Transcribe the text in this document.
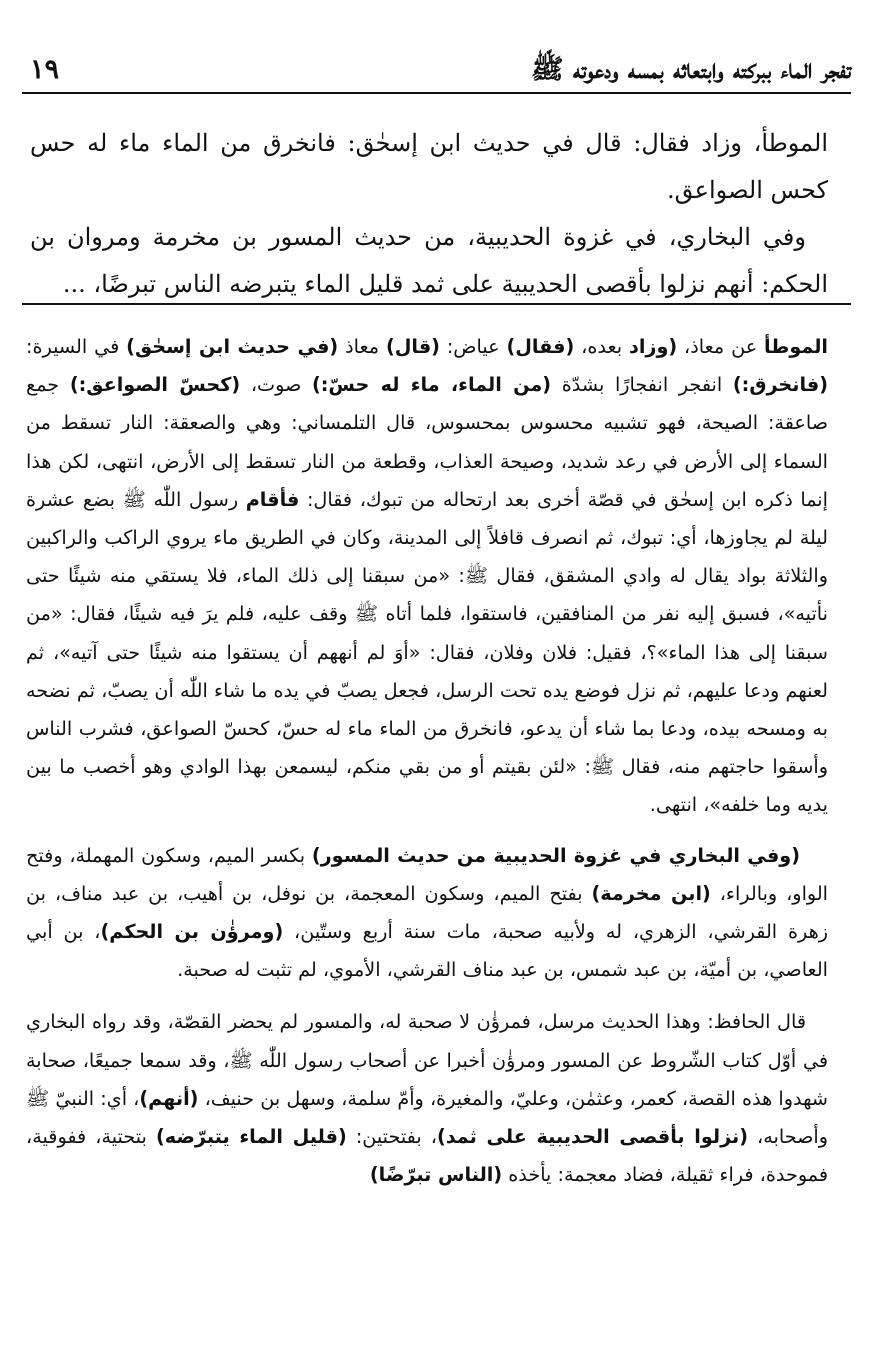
تفجر الماء ببركته وابتعاثه بمسه ودعوته ﷺ
١٩

الموطأ، وزاد فقال: قال في حديث ابن إسحٰق: فانخرق من الماء ماء له حس كحس الصواعق.

وفي البخاري، في غزوة الحديبية، من حديث المسور بن مخرمة ومروان بن الحكم: أنهم نزلوا بأقصى الحديبية على ثمد قليل الماء يتبرضه الناس تبرضًا، ...

الموطأ عن معاذ، (وزاد بعده، (فقال) عياض: (قال) معاذ (في حديث ابن إسحٰق) في السيرة: (فانخرق:) انفجر انفجارًا بشدّة (من الماء، ماء له حسّ:) صوت، (كحسّ الصواعق:) جمع صاعقة: الصيحة، فهو تشبيه محسوس بمحسوس، قال التلمساني: وهي والصعقة: النار تسقط من السماء إلى الأرض في رعد شديد، وصيحة العذاب، وقطعة من النار تسقط إلى الأرض، انتهى، لكن هذا إنما ذكره ابن إسحٰق في قصّة أخرى بعد ارتحاله من تبوك، فقال: فأقام رسول اللّٰه ﷺ بضع عشرة ليلة لم يجاوزها، أي: تبوك، ثم انصرف قافلاً إلى المدينة، وكان في الطريق ماء يروي الراكب والراكبين والثلاثة بواد يقال له وادي المشقق، فقال ﷺ: «من سبقنا إلى ذلك الماء، فلا يستقي منه شيئًا حتى نأتيه»، فسبق إليه نفر من المنافقين، فاستقوا، فلما أتاه ﷺ وقف عليه، فلم يرَ فيه شيئًا، فقال: «من سبقنا إلى هذا الماء»؟، فقيل: فلان وفلان، فقال: «أوَ لم أنههم أن يستقوا منه شيئًا حتى آتيه»، ثم لعنهم ودعا عليهم، ثم نزل فوضع يده تحت الرسل، فجعل يصبّ في يده ما شاء اللّٰه أن يصبّ، ثم نضحه به ومسحه بيده، ودعا بما شاء أن يدعو، فانخرق من الماء ماء له حسّ، كحسّ الصواعق، فشرب الناس وأسقوا حاجتهم منه، فقال ﷺ: «لئن بقيتم أو من بقي منكم، ليسمعن بهذا الوادي وهو أخصب ما بين يديه وما خلفه»، انتهى.

(وفي البخاري في غزوة الحديبية من حديث المسور) بكسر الميم، وسكون المهملة، وفتح الواو، وبالراء، (ابن مخرمة) بفتح الميم، وسكون المعجمة، بن نوفل، بن أهيب، بن عبد مناف، بن زهرة القرشي، الزهري، له ولأبيه صحبة، مات سنة أربع وستّين، (ومرؤٰن بن الحكم)، بن أبي العاصي، بن أميّة، بن عبد شمس، بن عبد مناف القرشي، الأموي، لم تثبت له صحبة.

قال الحافظ: وهذا الحديث مرسل، فمرؤٰن لا صحبة له، والمسور لم يحضر القصّة، وقد رواه البخاري في أوّل كتاب الشّروط عن المسور ومرؤٰن أخبرا عن أصحاب رسول اللّٰه ﷺ، وقد سمعا جميعًا، صحابة شهدوا هذه القصة، كعمر، وعثمٰن، وعليّ، والمغيرة، وأمّ سلمة، وسهل بن حنيف، (أنهم)، أي: النبيّ ﷺ وأصحابه، (نزلوا بأقصى الحديبية على ثمد)، بفتحتين: (قليل الماء يتبرّضه) بتحتية، ففوقية، فموحدة، فراء ثقيلة، فضاد معجمة: يأخذه (الناس تبرّضًا)
